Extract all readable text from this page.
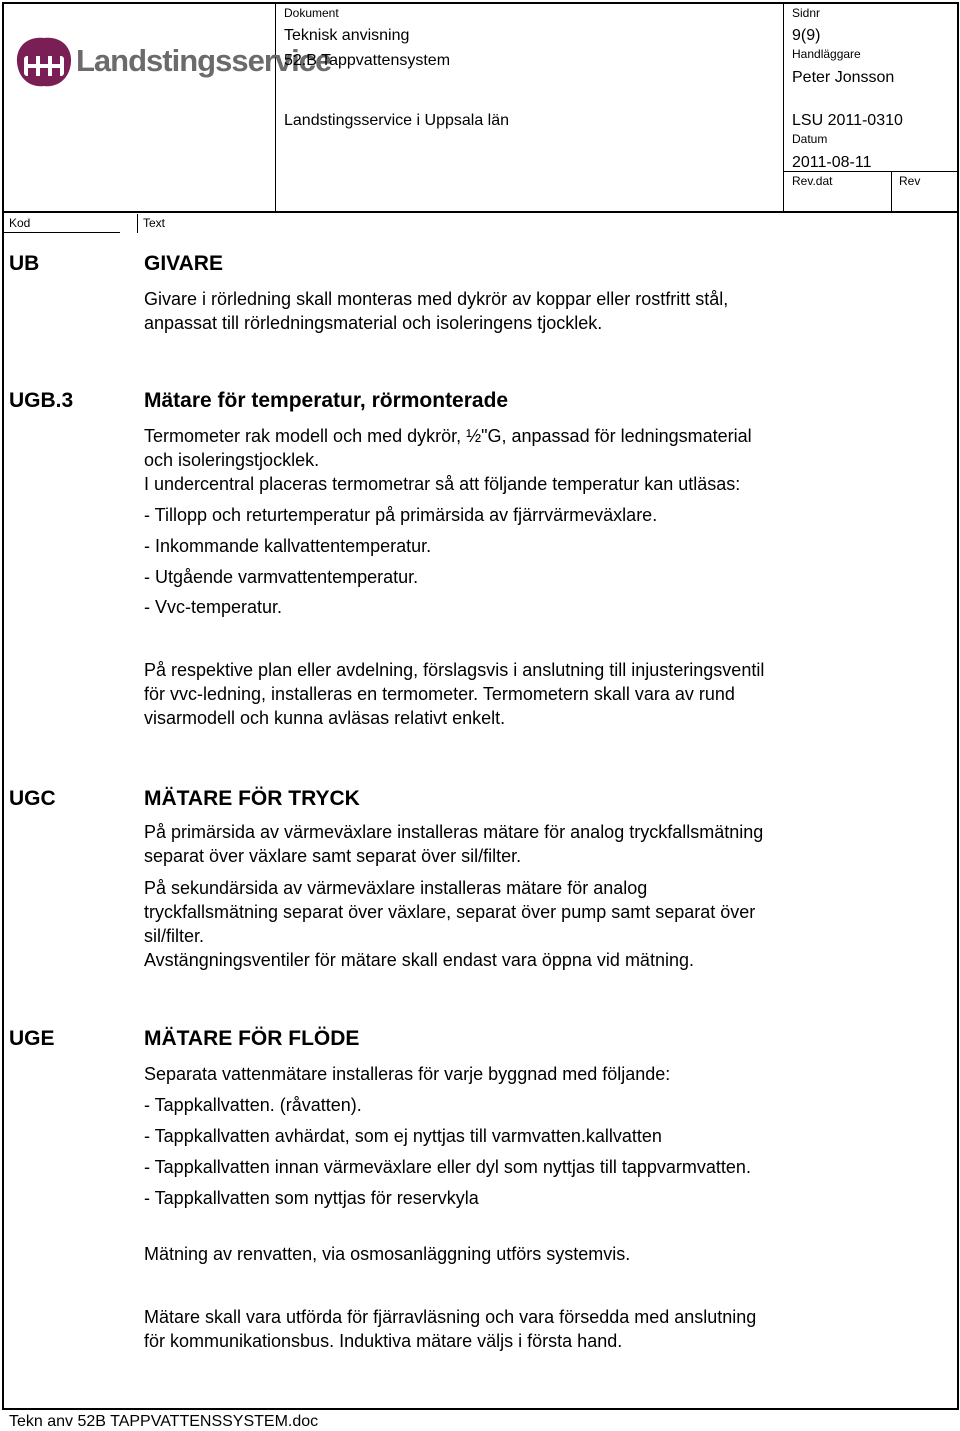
Landstingsservice
Dokument
Teknisk anvisning
52.B Tappvattensystem
Sidnr
9(9)
Handläggare
Peter Jonsson
Landstingsservice i Uppsala län	LSU 2011-0310
Datum
2011-08-11
Rev.dat	Rev
Kod	Text
UB	GIVARE
Givare i rörledning skall monteras med dykrör av koppar eller rostfritt stål,
anpassat till rörledningsmaterial och isoleringens tjocklek.
UGB.3	Mätare för temperatur, rörmonterade
Termometer rak modell och med dykrör, ½"G, anpassad för ledningsmaterial
och isoleringstjocklek.
I undercentral placeras termometrar så att följande temperatur kan utläsas:
- Tillopp och returtemperatur på primärsida av fjärrvärmeväxlare.
- Inkommande kallvattentemperatur.
- Utgående varmvattentemperatur.
- Vvc-temperatur.
På respektive plan eller avdelning, förslagsvis i anslutning till injusteringsventil
för vvc-ledning, installeras en termometer. Termometern skall vara av rund
visarmodell och kunna avläsas relativt enkelt.
UGC	MÄTARE FÖR TRYCK
På primärsida av värmeväxlare installeras mätare för analog tryckfallsmätning
separat över växlare samt separat över sil/filter.
På sekundärsida av värmeväxlare installeras mätare för analog
tryckfallsmätning separat över växlare, separat över pump samt separat över
sil/filter.
Avstängningsventiler för mätare skall endast vara öppna vid mätning.
UGE	MÄTARE FÖR FLÖDE
Separata vattenmätare installeras för varje byggnad med följande:
- Tappkallvatten. (råvatten).
- Tappkallvatten avhärdat, som ej nyttjas till varmvatten.kallvatten
- Tappkallvatten innan värmeväxlare eller dyl som nyttjas till tappvarmvatten.
- Tappkallvatten som nyttjas för reservkyla
Mätning av renvatten, via osmosanläggning utförs systemvis.
Mätare skall vara utförda för fjärravläsning och vara försedda med anslutning
för kommunikationsbus. Induktiva mätare väljs i första hand.
Tekn anv 52B TAPPVATTENSSYSTEM.doc
